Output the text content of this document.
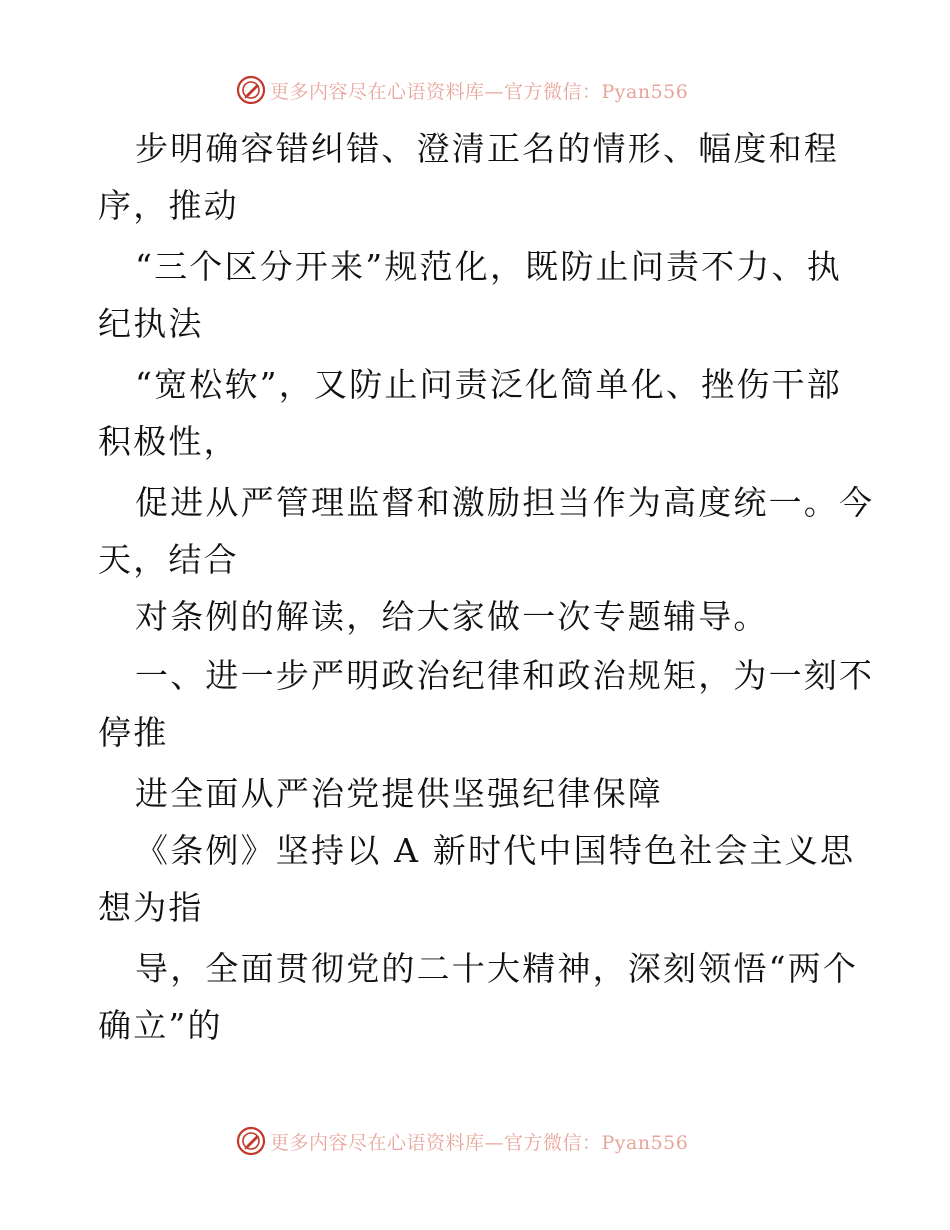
更多内容尽在心语资料库—官方微信：Pyan556
步明确容错纠错、澄清正名的情形、幅度和程
序，推动
“三个区分开来”规范化，既防止问责不力、执
纪执法
“宽松软”，又防止问责泛化简单化、挫伤干部
积极性，
促进从严管理监督和激励担当作为高度统一。今
天，结合
对条例的解读，给大家做一次专题辅导。
一、进一步严明政治纪律和政治规矩，为一刻不
停推
进全面从严治党提供坚强纪律保障
《条例》坚持以 A 新时代中国特色社会主义思
想为指
导，全面贯彻党的二十大精神，深刻领悟“两个
确立”的
更多内容尽在心语资料库—官方微信：Pyan556
